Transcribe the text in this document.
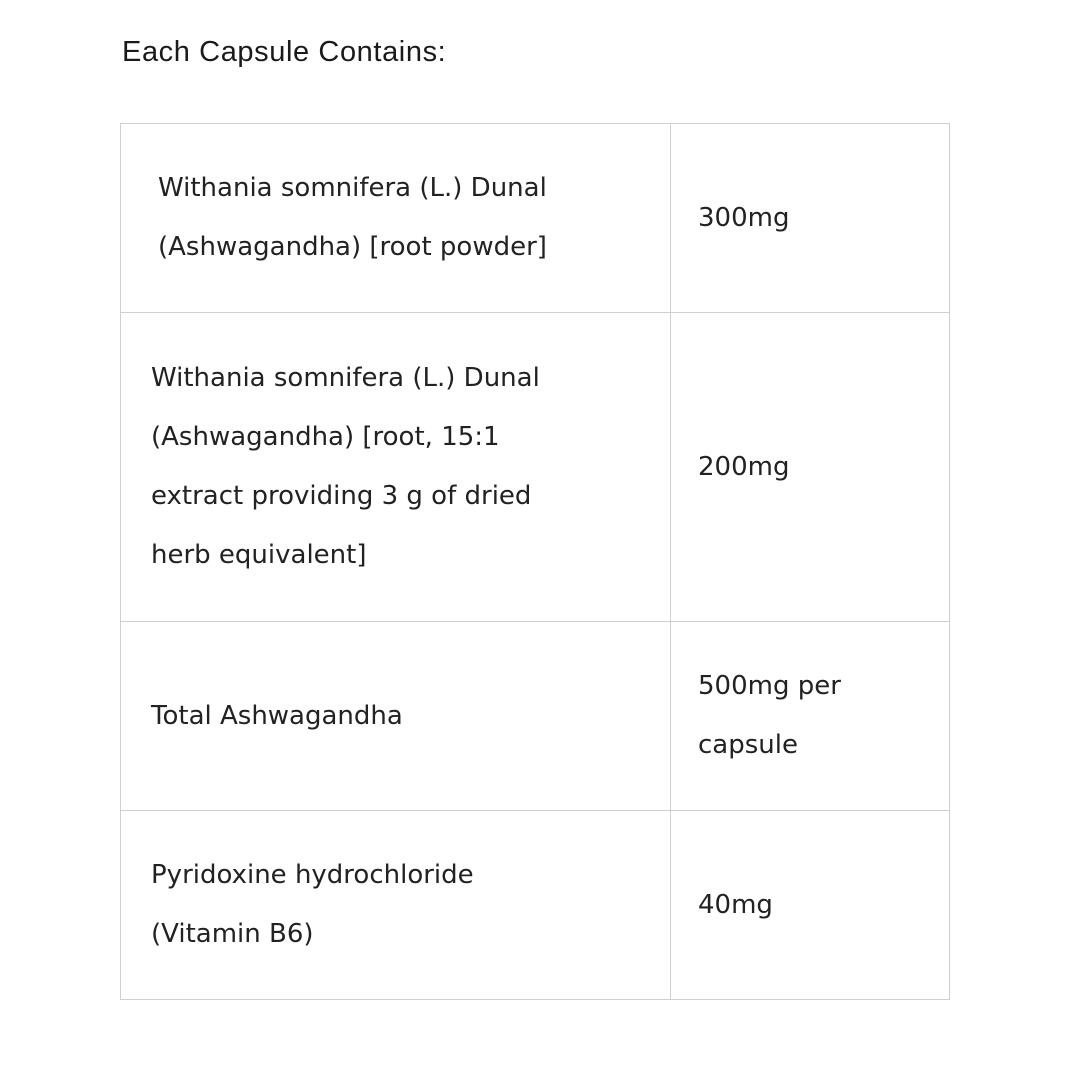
Each Capsule Contains:
Withania somnifera (L.) Dunal (Ashwagandha) [root powder]	300mg

Withania somnifera (L.) Dunal (Ashwagandha) [root, 15:1 extract providing 3 g of dried herb equivalent]	200mg

Total Ashwagandha	500mg per capsule

Pyridoxine hydrochloride (Vitamin B6)	40mg
